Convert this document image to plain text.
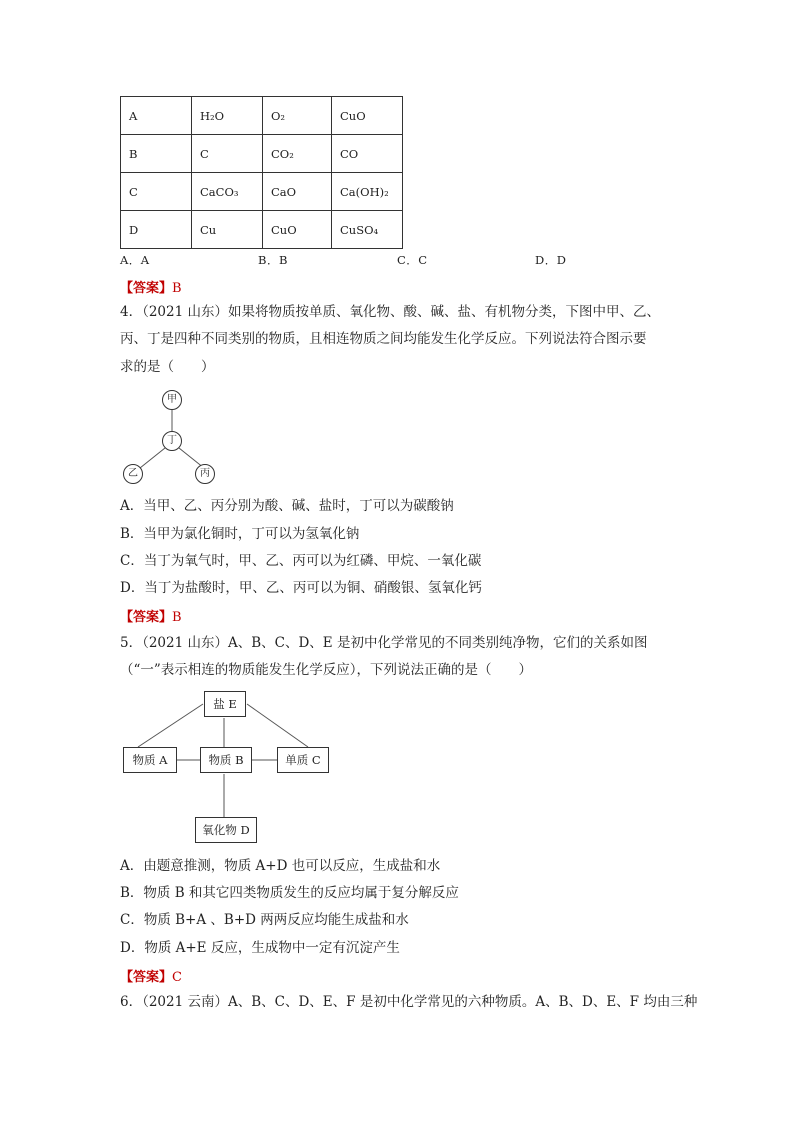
A	H₂O	O₂	CuO
B	C	CO₂	CO
C	CaCO₃	CaO	Ca(OH)₂
D	Cu	CuO	CuSO₄
A．A	B．B	C．C	D．D
【答案】B
4．（2021 山东）如果将物质按单质、氧化物、酸、碱、盐、有机物分类，下图中甲、乙、
丙、丁是四种不同类别的物质，且相连物质之间均能发生化学反应。下列说法符合图示要
求的是（　　）
甲
丁
乙	丙
A．当甲、乙、丙分别为酸、碱、盐时，丁可以为碳酸钠
B．当甲为氯化铜时，丁可以为氢氧化钠
C．当丁为氧气时，甲、乙、丙可以为红磷、甲烷、一氧化碳
D．当丁为盐酸时，甲、乙、丙可以为铜、硝酸银、氢氧化钙
【答案】B
5．（2021 山东）A、B、C、D、E 是初中化学常见的不同类别纯净物，它们的关系如图
（“一”表示相连的物质能发生化学反应），下列说法正确的是（　　）
盐 E
物质 A	物质 B	单质 C
氧化物 D
A．由题意推测，物质 A+D 也可以反应，生成盐和水
B．物质 B 和其它四类物质发生的反应均属于复分解反应
C．物质 B+A 、B+D 两两反应均能生成盐和水
D．物质 A+E 反应，生成物中一定有沉淀产生
【答案】C
6．（2021 云南）A、B、C、D、E、F 是初中化学常见的六种物质。A、B、D、E、F 均由三种
